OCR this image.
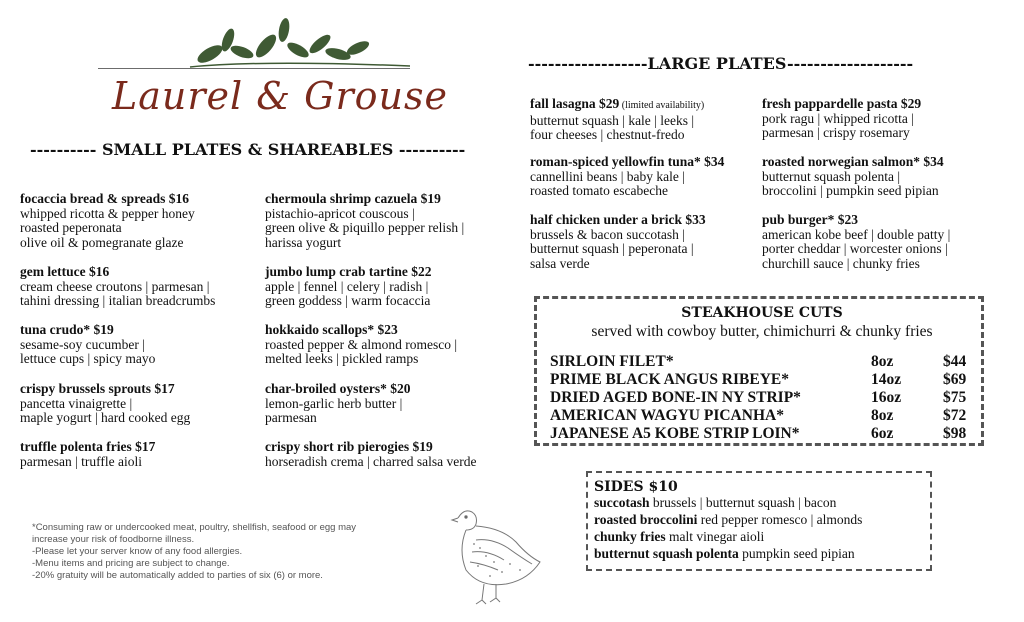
Laurel & Grouse
---------- SMALL PLATES & SHAREABLES ----------
focaccia bread & spreads $16
whipped ricotta & pepper honey
roasted peperonata
olive oil & pomegranate glaze
gem lettuce $16
cream cheese croutons | parmesan |
tahini dressing | italian breadcrumbs
tuna crudo* $19
sesame-soy cucumber |
lettuce cups | spicy mayo
crispy brussels sprouts $17
pancetta vinaigrette |
maple yogurt | hard cooked egg
truffle polenta fries $17
parmesan | truffle aioli
chermoula shrimp cazuela $19
pistachio-apricot couscous |
green olive & piquillo pepper relish |
harissa yogurt
jumbo lump crab tartine $22
apple | fennel | celery | radish |
green goddess | warm focaccia
hokkaido scallops* $23
roasted pepper & almond romesco |
melted leeks | pickled ramps
char-broiled oysters* $20
lemon-garlic herb butter |
parmesan
crispy short rib pierogies $19
horseradish crema | charred salsa verde
------------------LARGE PLATES-------------------
fall lasagna $29 (limited availability)
butternut squash | kale | leeks |
four cheeses | chestnut-fredo
roman-spiced yellowfin tuna* $34
cannellini beans | baby kale |
roasted tomato escabeche
half chicken under a brick $33
brussels & bacon succotash |
butternut squash | peperonata |
salsa verde
fresh pappardelle pasta $29
pork ragu | whipped ricotta |
parmesan | crispy rosemary
roasted norwegian salmon* $34
butternut squash polenta |
broccolini | pumpkin seed pipian
pub burger* $23
american kobe beef | double patty |
porter cheddar | worcester onions |
churchill sauce | chunky fries
STEAKHOUSE CUTS
served with cowboy butter, chimichurri & chunky fries
SIRLOIN FILET*	8oz	$44
PRIME BLACK ANGUS RIBEYE*	14oz	$69
DRIED AGED BONE-IN NY STRIP*	16oz	$75
AMERICAN WAGYU PICANHA*	8oz	$72
JAPANESE A5 KOBE STRIP LOIN*	6oz	$98
SIDES $10
succotash brussels | butternut squash | bacon
roasted broccolini red pepper romesco | almonds
chunky fries malt vinegar aioli
butternut squash polenta pumpkin seed pipian
*Consuming raw or undercooked meat, poultry, shellfish, seafood or egg may
increase your risk of foodborne illness.
-Please let your server know of any food allergies.
-Menu items and pricing are subject to change.
-20% gratuity will be automatically added to parties of six (6) or more.
